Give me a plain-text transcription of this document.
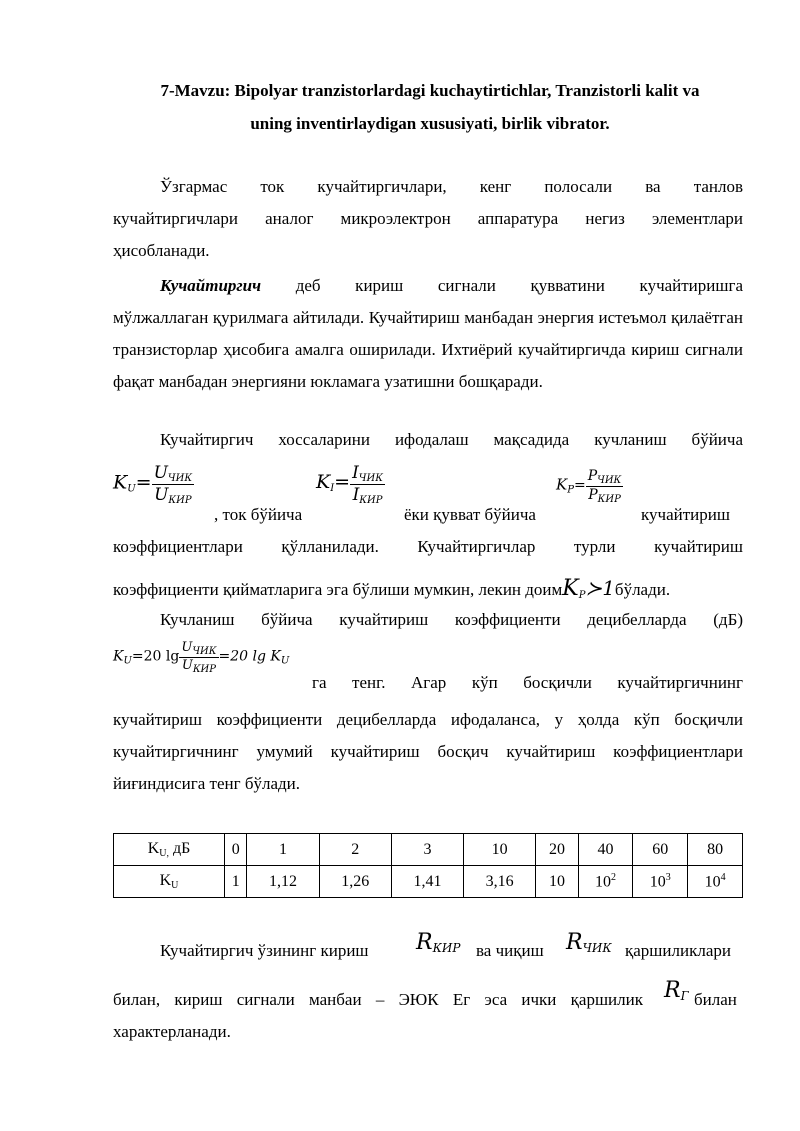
7-Mavzu: Bipolyar tranzistorlardagi kuchaytirtichlar, Tranzistorli kalit va
uning inventirlaydigan xususiyati, birlik vibrator.
Ўзгармас ток кучайтиргичлари, кенг полосали ва танлов
кучайтиргичлари аналог микроэлектрон аппаратура негиз элементлари
ҳисобланади.
Кучайтиргич деб кириш сигнали қувватини кучайтиришга
мўлжаллаган қурилмага айтилади. Кучайтириш манбадан энергия истеъмол қилаётган транзисторлар ҳисобига амалга оширилади. Ихтиёрий кучайтиргичда кириш сигнали фақат манбадан энергияни юкламага узатишни бошқаради.
Кучайтиргич хоссаларини ифодалаш мақсадида кучланиш бўйича
$K_U= \frac{U_{ЧИК}}{U_{КИР}}$
, ток бўйича
$K_I= \frac{I_{ЧИК}}{I_{КИР}}$
ёки қувват бўйича
$K_P= \frac{P_{ЧИК}}{P_{КИР}}$
кучайтириш
коэффициентлари қўлланилади. Кучайтиргичлар турли кучайтириш
коэффициенти қийматларига эга бўлиши мумкин, лекин доимK$_P$≻1бўлади.
Кучланиш бўйича кучайтириш коэффициенти децибелларда (дБ)
$K_U=20$ $\lg \frac{U_{ЧИК}}{U_{КИР}} =20$ $\lg K_U$
га тенг. Агар кўп босқичли кучайтиргичнинг
кучайтириш коэффициенти децибелларда ифодаланса, у ҳолда кўп босқичли кучайтиргичнинг умумий кучайтириш босқич кучайтириш коэффициентлари йиғиндисига тенг бўлади.
$K_{U,}$ дБ	0	1	2	3	10	20	40	60	80
$K_U$	1	1,12	1,26	1,41	3,16	10	$10^2$	$10^3$	$10^4$
Кучайтиргич ўзининг кириш $R_{КИР}$ ва чиқиш $R_{ЧИК}$ қаршиликлари
билан, кириш сигнали манбаи – ЭЮК Ег эса ички қаршилик $R_Г$ билан
характерланади.
